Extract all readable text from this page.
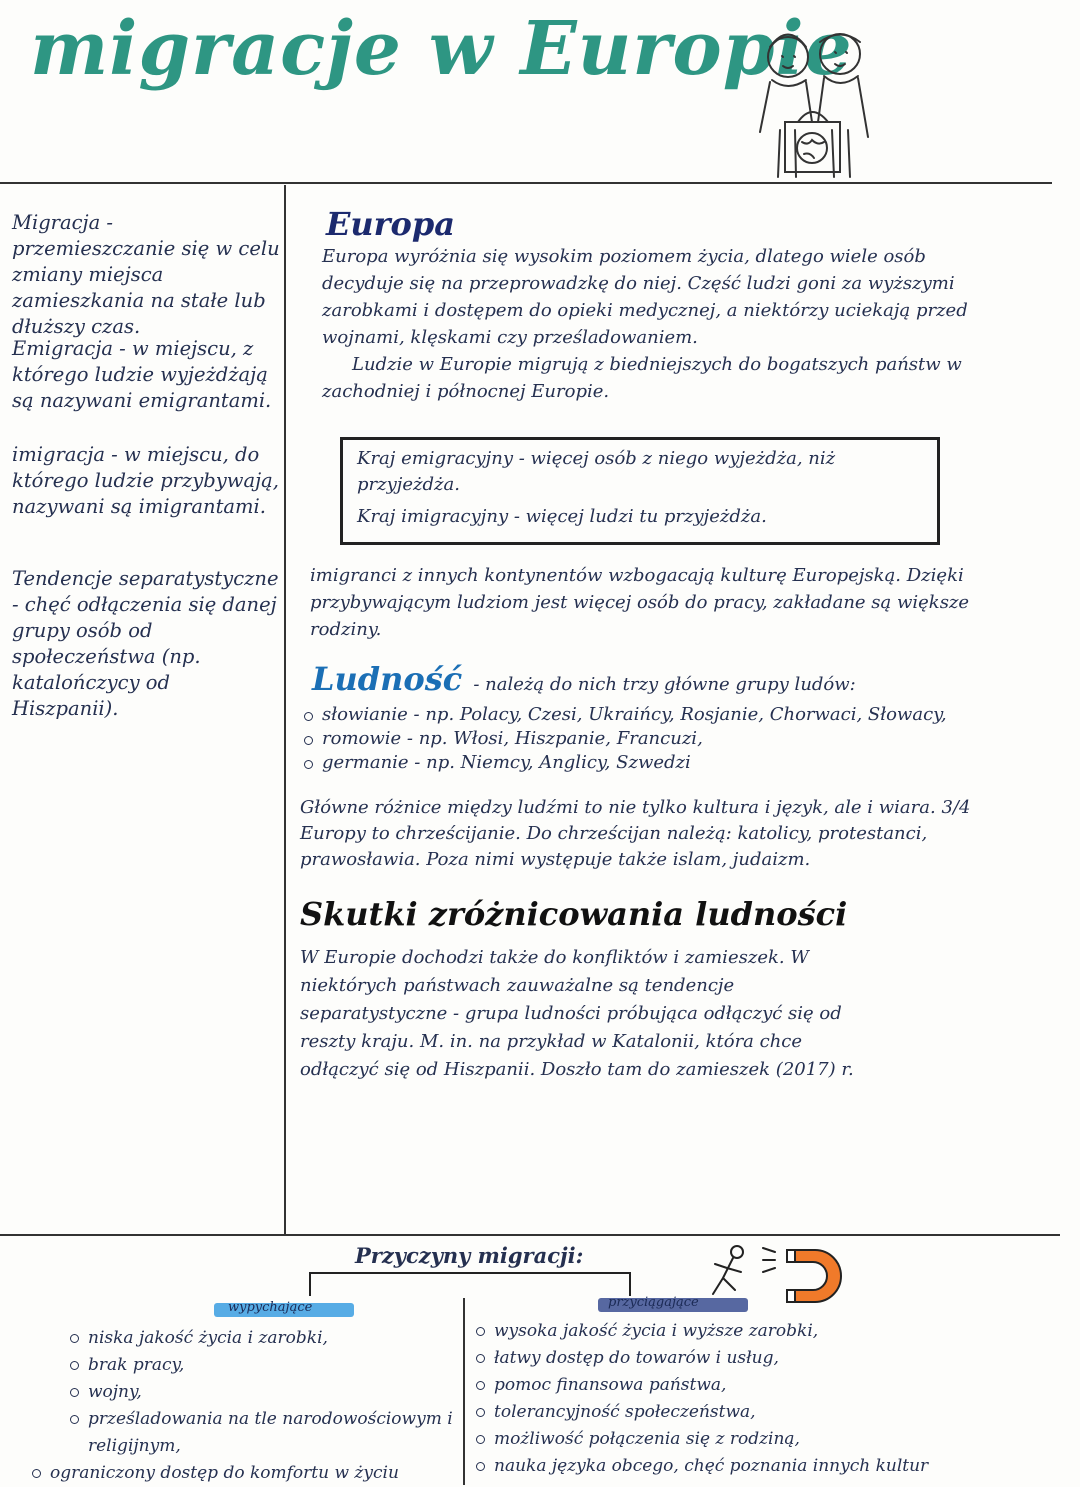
migracje w Europie

Migracja - przemieszczanie się w celu zmiany miejsca zamieszkania na stałe lub dłuższy czas.

Emigracja - w miejscu, z którego ludzie wyjeżdżają są nazywani emigrantami.

imigracja - w miejscu, do którego ludzie przybywają, nazywani są imigrantami.

Tendencje separatystyczne - chęć odłączenia się danej grupy osób od społeczeństwa (np. katalończycy od Hiszpanii).

Europa

Europa wyróżnia się wysokim poziomem życia, dlatego wiele osób decyduje się na przeprowadzkę do niej. Część ludzi goni za wyższymi zarobkami i dostępem do opieki medycznej, a niektórzy uciekają przed wojnami, klęskami czy prześladowaniem.

Ludzie w Europie migrują z biedniejszych do bogatszych państw w zachodniej i północnej Europie.

Kraj emigracyjny - więcej osób z niego wyjeżdża, niż przyjeżdża.

Kraj imigracyjny - więcej ludzi tu przyjeżdża.

imigranci z innych kontynentów wzbogacają kulturę Europejską. Dzięki przybywającym ludziom jest więcej osób do pracy, zakładane są większe rodziny.

Ludność - należą do nich trzy główne grupy ludów:
słowianie - np. Polacy, Czesi, Ukraińcy, Rosjanie, Chorwaci, Słowacy,
romowie - np. Włosi, Hiszpanie, Francuzi,
germanie - np. Niemcy, Anglicy, Szwedzi

Główne różnice między ludźmi to nie tylko kultura i język, ale i wiara. 3/4 Europy to chrześcijanie. Do chrześcijan należą: katolicy, protestanci, prawosławia. Poza nimi występuje także islam, judaizm.

Skutki zróżnicowania ludności

W Europie dochodzi także do konfliktów i zamieszek. W niektórych państwach zauważalne są tendencje separatystyczne - grupa ludności próbująca odłączyć się od reszty kraju. M. in. na przykład w Katalonii, która chce odłączyć się od Hiszpanii. Doszło tam do zamieszek (2017) r.

Przyczyny migracji:
wypychające
niska jakość życia i zarobki,
brak pracy,
wojny,
prześladowania na tle narodowościowym i religijnym,
ograniczony dostęp do komfortu w życiu
przyciągające
wysoka jakość życia i wyższe zarobki,
łatwy dostęp do towarów i usług,
pomoc finansowa państwa,
tolerancyjność społeczeństwa,
możliwość połączenia się z rodziną,
nauka języka obcego, chęć poznania innych kultur
